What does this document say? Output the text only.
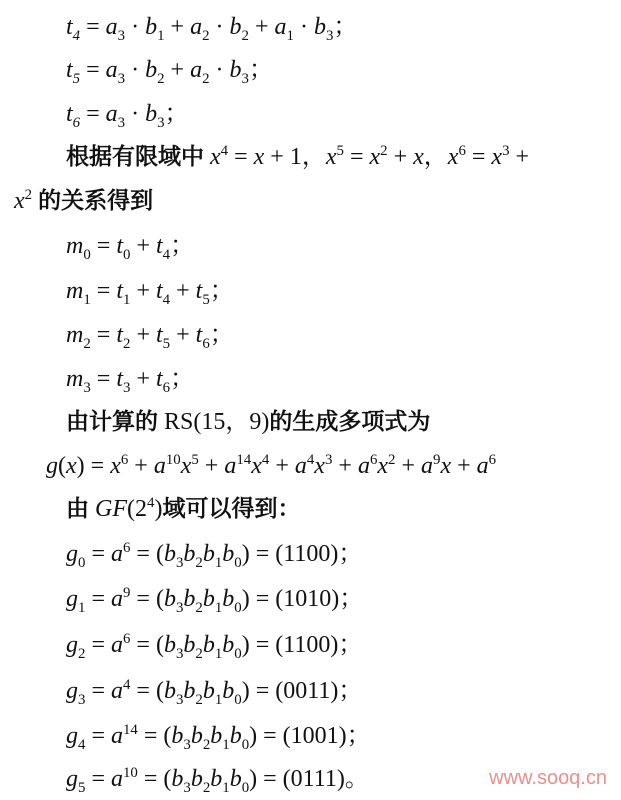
$t_4 = a_3 \cdot b_1 + a_2 \cdot b_2 + a_1 \cdot b_3$；
$t_5 = a_3 \cdot b_2 + a_2 \cdot b_3$；
$t_6 = a_3 \cdot b_3$；
根据有限域中 $x^4 = x + 1$，$x^5 = x^2 + x$，$x^6 = x^3$ +
$x^2$ 的关系得到
$m_0 = t_0 + t_4$；
$m_1 = t_1 + t_4 + t_5$；
$m_2 = t_2 + t_5 + t_6$；
$m_3 = t_3 + t_6$；
由计算的 RS(15，9)的生成多项式为
$g(x) = x^6 + a^{10}x^5 + a^{14}x^4 + a^4x^3 + a^6x^2 + a^9x + a^6$
由 $GF(2^4)$域可以得到：
$g_0 = a^6 = (b_3b_2b_1b_0) = (1100)$；
$g_1 = a^9 = (b_3b_2b_1b_0) = (1010)$；
$g_2 = a^6 = (b_3b_2b_1b_0) = (1100)$；
$g_3 = a^4 = (b_3b_2b_1b_0) = (0011)$；
$g_4 = a^{14} = (b_3b_2b_1b_0) = (1001)$；
$g_5 = a^{10} = (b_3b_2b_1b_0) = (0111)$。	www.sooq.cn
